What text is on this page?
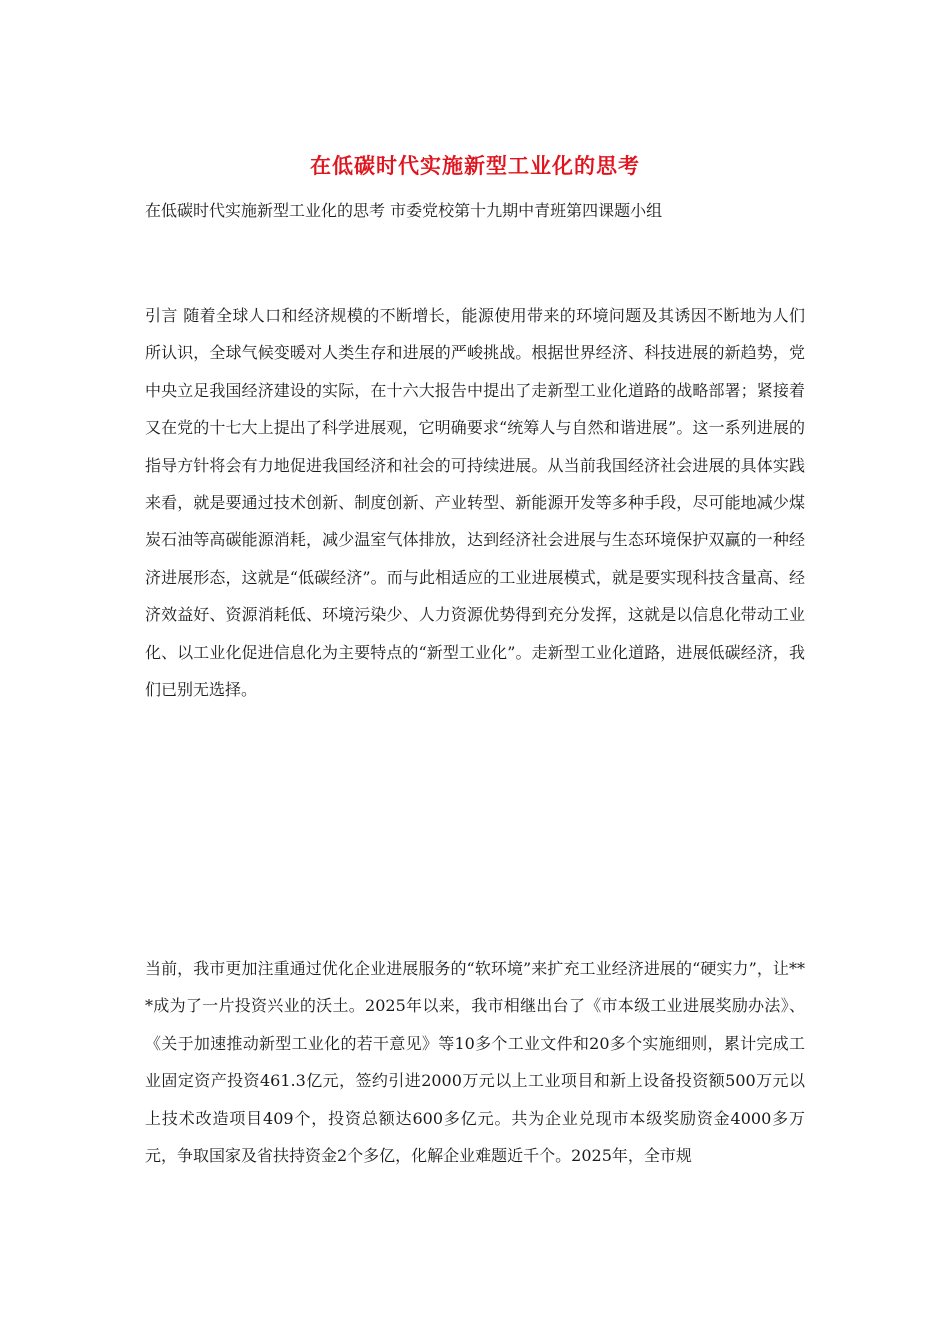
在低碳时代实施新型工业化的思考
在低碳时代实施新型工业化的思考 市委党校第十九期中青班第四课题小组
引言 随着全球人口和经济规模的不断增长，能源使用带来的环境问题及其诱因不断地为人们所认识，全球气候变暖对人类生存和进展的严峻挑战。根据世界经济、科技进展的新趋势，党中央立足我国经济建设的实际，在十六大报告中提出了走新型工业化道路的战略部署；紧接着又在党的十七大上提出了科学进展观，它明确要求“统筹人与自然和谐进展”。这一系列进展的指导方针将会有力地促进我国经济和社会的可持续进展。从当前我国经济社会进展的具体实践来看，就是要通过技术创新、制度创新、产业转型、新能源开发等多种手段，尽可能地减少煤炭石油等高碳能源消耗，减少温室气体排放，达到经济社会进展与生态环境保护双赢的一种经济进展形态，这就是“低碳经济”。而与此相适应的工业进展模式，就是要实现科技含量高、经济效益好、资源消耗低、环境污染少、人力资源优势得到充分发挥，这就是以信息化带动工业化、以工业化促进信息化为主要特点的“新型工业化”。走新型工业化道路，进展低碳经济，我们已别无选择。
当前，我市更加注重通过优化企业进展服务的“软环境”来扩充工业经济进展的“硬实力”，让***成为了一片投资兴业的沃土。2025年以来，我市相继出台了《市本级工业进展奖励办法》、《关于加速推动新型工业化的若干意见》等10多个工业文件和20多个实施细则，累计完成工业固定资产投资461.3亿元，签约引进2000万元以上工业项目和新上设备投资额500万元以上技术改造项目409个，投资总额达600多亿元。共为企业兑现市本级奖励资金4000多万元，争取国家及省扶持资金2个多亿，化解企业难题近千个。2025年，全市规
